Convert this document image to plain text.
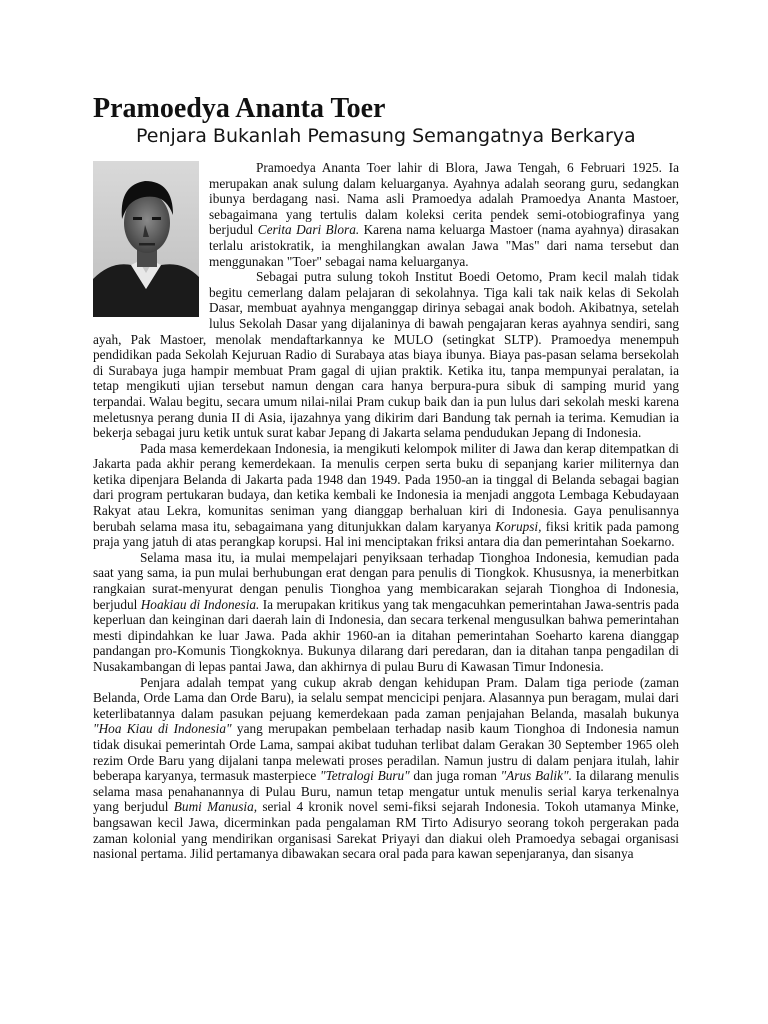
Pramoedya Ananta Toer
Penjara Bukanlah Pemasung Semangatnya Berkarya

Pramoedya Ananta Toer lahir di Blora, Jawa Tengah, 6 Februari 1925. Ia merupakan anak sulung dalam keluarganya. Ayahnya adalah seorang guru, sedangkan ibunya berdagang nasi. Nama asli Pramoedya adalah Pramoedya Ananta Mastoer, sebagaimana yang tertulis dalam koleksi cerita pendek semi-otobiografinya yang berjudul Cerita Dari Blora. Karena nama keluarga Mastoer (nama ayahnya) dirasakan terlalu aristokratik, ia menghilangkan awalan Jawa "Mas" dari nama tersebut dan menggunakan "Toer" sebagai nama keluarganya.

Sebagai putra sulung tokoh Institut Boedi Oetomo, Pram kecil malah tidak begitu cemerlang dalam pelajaran di sekolahnya. Tiga kali tak naik kelas di Sekolah Dasar, membuat ayahnya menganggap dirinya sebagai anak bodoh. Akibatnya, setelah lulus Sekolah Dasar yang dijalaninya di bawah pengajaran keras ayahnya sendiri, sang ayah, Pak Mastoer, menolak mendaftarkannya ke MULO (setingkat SLTP). Pramoedya menempuh pendidikan pada Sekolah Kejuruan Radio di Surabaya atas biaya ibunya. Biaya pas-pasan selama bersekolah di Surabaya juga hampir membuat Pram gagal di ujian praktik. Ketika itu, tanpa mempunyai peralatan, ia tetap mengikuti ujian tersebut namun dengan cara hanya berpura-pura sibuk di samping murid yang terpandai. Walau begitu, secara umum nilai-nilai Pram cukup baik dan ia pun lulus dari sekolah meski karena meletusnya perang dunia II di Asia, ijazahnya yang dikirim dari Bandung tak pernah ia terima. Kemudian ia bekerja sebagai juru ketik untuk surat kabar Jepang di Jakarta selama pendudukan Jepang di Indonesia.

Pada masa kemerdekaan Indonesia, ia mengikuti kelompok militer di Jawa dan kerap ditempatkan di Jakarta pada akhir perang kemerdekaan. Ia menulis cerpen serta buku di sepanjang karier militernya dan ketika dipenjara Belanda di Jakarta pada 1948 dan 1949. Pada 1950-an ia tinggal di Belanda sebagai bagian dari program pertukaran budaya, dan ketika kembali ke Indonesia ia menjadi anggota Lembaga Kebudayaan Rakyat atau Lekra, komunitas seniman yang dianggap berhaluan kiri di Indonesia. Gaya penulisannya berubah selama masa itu, sebagaimana yang ditunjukkan dalam karyanya Korupsi, fiksi kritik pada pamong praja yang jatuh di atas perangkap korupsi. Hal ini menciptakan friksi antara dia dan pemerintahan Soekarno.

Selama masa itu, ia mulai mempelajari penyiksaan terhadap Tionghoa Indonesia, kemudian pada saat yang sama, ia pun mulai berhubungan erat dengan para penulis di Tiongkok. Khususnya, ia menerbitkan rangkaian surat-menyurat dengan penulis Tionghoa yang membicarakan sejarah Tionghoa di Indonesia, berjudul Hoakiau di Indonesia. Ia merupakan kritikus yang tak mengacuhkan pemerintahan Jawa-sentris pada keperluan dan keinginan dari daerah lain di Indonesia, dan secara terkenal mengusulkan bahwa pemerintahan mesti dipindahkan ke luar Jawa. Pada akhir 1960-an ia ditahan pemerintahan Soeharto karena dianggap pandangan pro-Komunis Tiongkoknya. Bukunya dilarang dari peredaran, dan ia ditahan tanpa pengadilan di Nusakambangan di lepas pantai Jawa, dan akhirnya di pulau Buru di Kawasan Timur Indonesia.

Penjara adalah tempat yang cukup akrab dengan kehidupan Pram. Dalam tiga periode (zaman Belanda, Orde Lama dan Orde Baru), ia selalu sempat mencicipi penjara. Alasannya pun beragam, mulai dari keterlibatannya dalam pasukan pejuang kemerdekaan pada zaman penjajahan Belanda, masalah bukunya "Hoa Kiau di Indonesia" yang merupakan pembelaan terhadap nasib kaum Tionghoa di Indonesia namun tidak disukai pemerintah Orde Lama, sampai akibat tuduhan terlibat dalam Gerakan 30 September 1965 oleh rezim Orde Baru yang dijalani tanpa melewati proses peradilan. Namun justru di dalam penjara itulah, lahir beberapa karyanya, termasuk masterpiece "Tetralogi Buru" dan juga roman "Arus Balik". Ia dilarang menulis selama masa penahanannya di Pulau Buru, namun tetap mengatur untuk menulis serial karya terkenalnya yang berjudul Bumi Manusia, serial 4 kronik novel semi-fiksi sejarah Indonesia. Tokoh utamanya Minke, bangsawan kecil Jawa, dicerminkan pada pengalaman RM Tirto Adisuryo seorang tokoh pergerakan pada zaman kolonial yang mendirikan organisasi Sarekat Priyayi dan diakui oleh Pramoedya sebagai organisasi nasional pertama. Jilid pertamanya dibawakan secara oral pada para kawan sepenjaranya, dan sisanya
